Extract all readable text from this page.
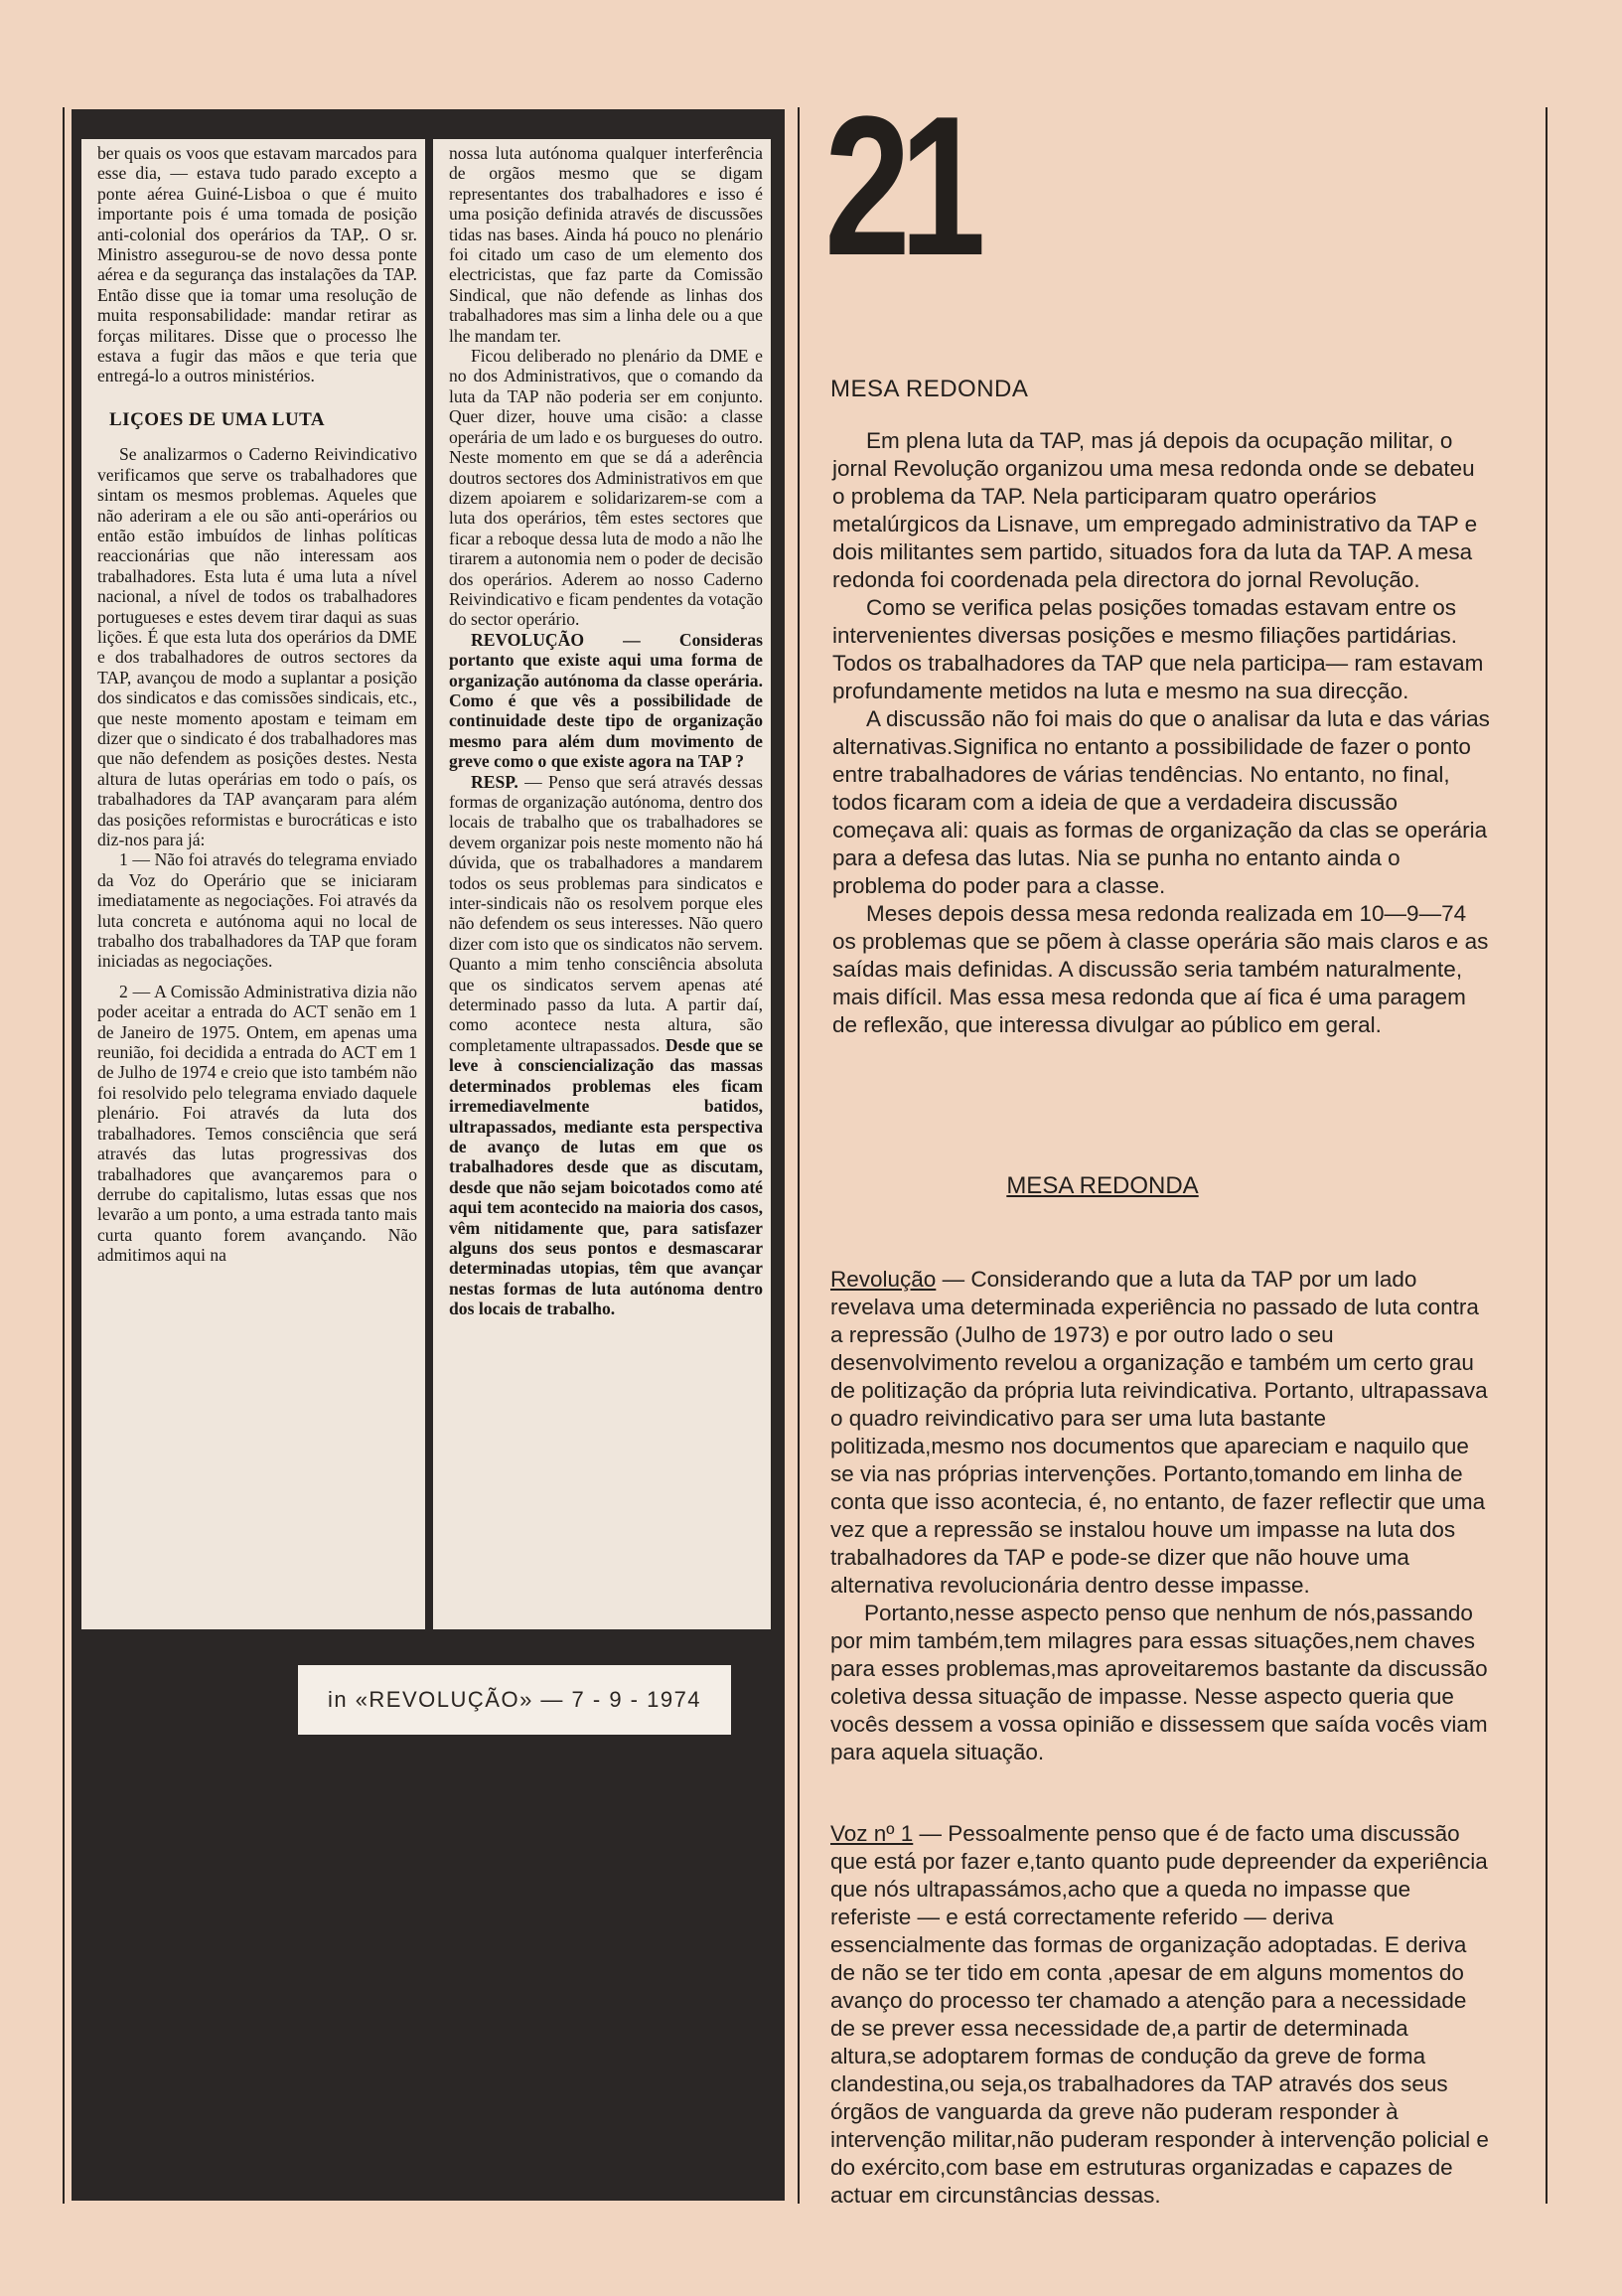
ber quais os voos que estavam marcados para esse dia, — estava tudo parado excepto a ponte aérea Guiné-Lisboa o que é muito importante pois é uma tomada de posição anti-colonial dos operários da TAP,. O sr. Ministro assegurou-se de novo dessa ponte aérea e da segurança das instalações da TAP. Então disse que ia tomar uma resolução de muita responsabilidade: mandar retirar as forças militares. Disse que o processo lhe estava a fugir das mãos e que teria que entregá-lo a outros ministérios.

LIÇOES DE UMA LUTA

Se analizarmos o Caderno Reivindicativo verificamos que serve os trabalhadores que sintam os mesmos problemas. Aqueles que não aderiram a ele ou são anti-operários ou então estão imbuídos de linhas políticas reaccionárias que não interessam aos trabalhadores. Esta luta é uma luta a nível nacional, a nível de todos os trabalhadores portugueses e estes devem tirar daqui as suas lições. É que esta luta dos operários da DME e dos trabalhadores de outros sectores da TAP, avançou de modo a suplantar a posição dos sindicatos e das comissões sindicais, etc., que neste momento apostam e teimam em dizer que o sindicato é dos trabalhadores mas que não defendem as posições destes. Nesta altura de lutas operárias em todo o país, os trabalhadores da TAP avançaram para além das posições reformistas e burocráticas e isto diz-nos para já:

1 — Não foi através do telegrama enviado da Voz do Operário que se iniciaram imediatamente as negociações. Foi através da luta concreta e autónoma aqui no local de trabalho dos trabalhadores da TAP que foram iniciadas as negociações.

2 — A Comissão Administrativa dizia não poder aceitar a entrada do ACT senão em 1 de Janeiro de 1975. Ontem, em apenas uma reunião, foi decidida a entrada do ACT em 1 de Julho de 1974 e creio que isto também não foi resolvido pelo telegrama enviado daquele plenário. Foi através da luta dos trabalhadores. Temos consciência que será através das lutas progressivas dos trabalhadores que avançaremos para o derrube do capitalismo, lutas essas que nos levarão a um ponto, a uma estrada tanto mais curta quanto forem avançando. Não admitimos aqui na

nossa luta autónoma qualquer interferência de orgãos mesmo que se digam representantes dos trabalhadores e isso é uma posição definida através de discussões tidas nas bases. Ainda há pouco no plenário foi citado um caso de um elemento dos electricistas, que faz parte da Comissão Sindical, que não defende as linhas dos trabalhadores mas sim a linha dele ou a que lhe mandam ter.

Ficou deliberado no plenário da DME e no dos Administrativos, que o comando da luta da TAP não poderia ser em conjunto. Quer dizer, houve uma cisão: a classe operária de um lado e os burgueses do outro. Neste momento em que se dá a aderência doutros sectores dos Administrativos em que dizem apoiarem e solidarizarem-se com a luta dos operários, têm estes sectores que ficar a reboque dessa luta de modo a não lhe tirarem a autonomia nem o poder de decisão dos operários. Aderem ao nosso Caderno Reivindicativo e ficam pendentes da votação do sector operário.

REVOLUÇÃO — Consideras portanto que existe aqui uma forma de organização autónoma da classe operária. Como é que vês a possibilidade de continuidade deste tipo de organização mesmo para além dum movimento de greve como o que existe agora na TAP ?

RESP. — Penso que será através dessas formas de organização autónoma, dentro dos locais de trabalho que os trabalhadores se devem organizar pois neste momento não há dúvida, que os trabalhadores a mandarem todos os seus problemas para sindicatos e inter-sindicais não os resolvem porque eles não defendem os seus interesses. Não quero dizer com isto que os sindicatos não servem. Quanto a mim tenho consciência absoluta que os sindicatos servem apenas até determinado passo da luta. A partir daí, como acontece nesta altura, são completamente ultrapassados. Desde que se leve à consciencialização das massas determinados problemas eles ficam irremediavelmente batidos, ultrapassados, mediante esta perspectiva de avanço de lutas em que os trabalhadores desde que as discutam, desde que não sejam boicotados como até aqui tem acontecido na maioria dos casos, vêm nitidamente que, para satisfazer alguns dos seus pontos e desmascarar determinadas utopias, têm que avançar nestas formas de luta autónoma dentro dos locais de trabalho.

in «REVOLUÇÃO» — 7 - 9 - 1974
21

MESA REDONDA

Em plena luta da TAP, mas já depois da ocupação militar, o jornal Revolução organizou uma mesa redonda onde se debateu o problema da TAP. Nela participaram quatro operários metalúrgicos da Lisnave, um empregado administrativo da TAP e dois militantes sem partido, situados fora da luta da TAP. A mesa redonda foi coordenada pela directora do jornal Revolução.

Como se verifica pelas posições tomadas estavam entre os intervenientes diversas posições e mesmo filiações partidárias. Todos os trabalhadores da TAP que nela participa— ram estavam profundamente metidos na luta e mesmo na sua direcção.

A discussão não foi mais do que o analisar da luta e das várias alternativas.Significa no entanto a possibilidade de fazer o ponto entre trabalhadores de várias tendências. No entanto, no final, todos ficaram com a ideia de que a verdadeira discussão começava ali: quais as formas de organização da clas se operária para a defesa das lutas. Nia se punha no entanto ainda o problema do poder para a classe.

Meses depois dessa mesa redonda realizada em 10—9—74 os problemas que se põem à classe operária são mais claros e as saídas mais definidas. A discussão seria também naturalmente, mais difícil. Mas essa mesa redonda que aí fica é uma paragem de reflexão, que interessa divulgar ao público em geral.

MESA REDONDA

Revolução — Considerando que a luta da TAP por um lado revelava uma determinada experiência no passado de luta contra a repressão (Julho de 1973) e por outro lado o seu desenvolvimento revelou a organização e também um certo grau de politização da própria luta reivindicativa. Portanto, ultrapassava o quadro reivindicativo para ser uma luta bastante politizada,mesmo nos documentos que apareciam e naquilo que se via nas próprias intervenções. Portanto,tomando em linha de conta que isso acontecia, é, no entanto, de fazer reflectir que uma vez que a repressão se instalou houve um impasse na luta dos trabalhadores da TAP e pode-se dizer que não houve uma alternativa revolucionária dentro desse impasse.

Portanto,nesse aspecto penso que nenhum de nós,passando por mim também,tem milagres para essas situações,nem chaves para esses problemas,mas aproveitaremos bastante da discussão coletiva dessa situação de impasse. Nesse aspecto queria que vocês dessem a vossa opinião e dissessem que saída vocês viam para aquela situação.

Voz nº 1 — Pessoalmente penso que é de facto uma discussão que está por fazer e,tanto quanto pude depreender da experiência que nós ultrapassámos,acho que a queda no impasse que referiste — e está correctamente referido — deriva essencialmente das formas de organização adoptadas. E deriva de não se ter tido em conta ,apesar de em alguns momentos do avanço do processo ter chamado a atenção para a necessidade de se prever essa necessidade de,a partir de determinada altura,se adoptarem formas de condução da greve de forma clandestina,ou seja,os trabalhadores da TAP através dos seus órgãos de vanguarda da greve não puderam responder à intervenção militar,não puderam responder à intervenção policial e do exército,com base em estruturas organizadas e capazes de actuar em circunstâncias dessas.
